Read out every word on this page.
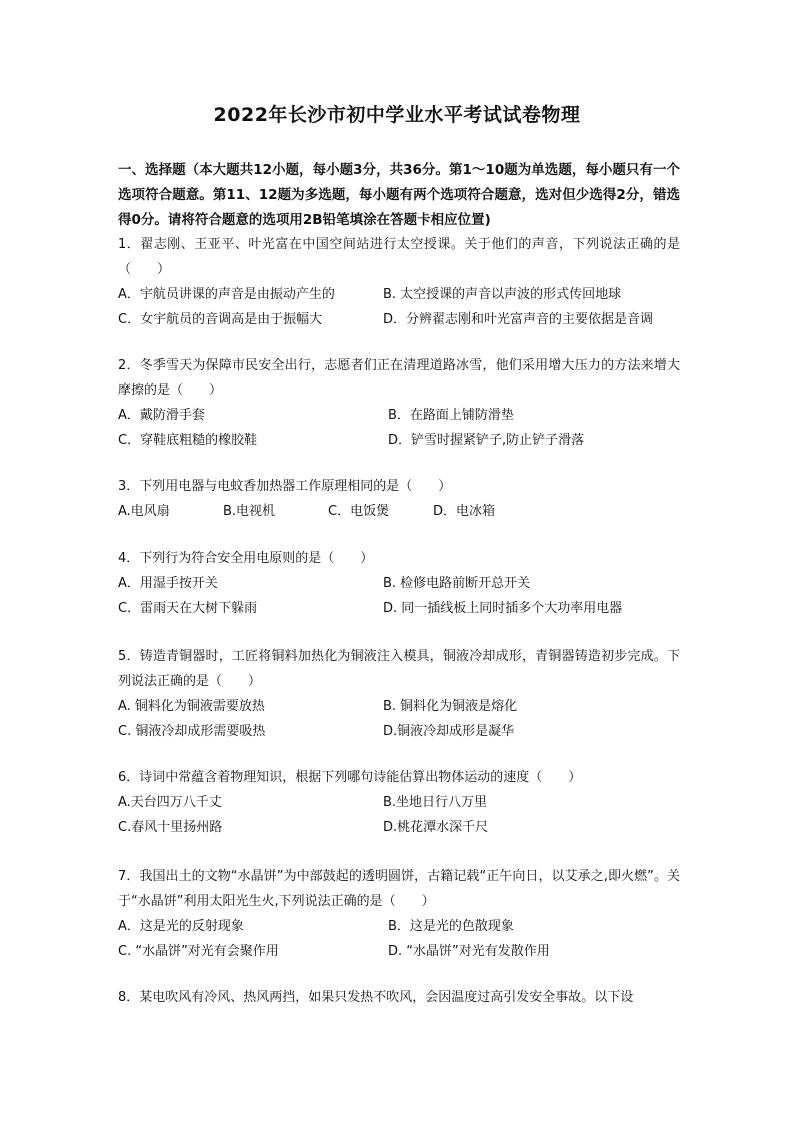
2022年长沙市初中学业水平考试试卷物理
一、选择题（本大题共12小题，每小题3分，共36分。第1～10题为单选题，每小题只有一个选项符合题意。第11、12题为多选题，每小题有两个选项符合题意，选对但少选得2分，错选得0分。请将符合题意的选项用2B铅笔填涂在答题卡相应位置)
1．翟志刚、王亚平、叶光富在中国空间站进行太空授课。关于他们的声音，下列说法正确的是（　　）
A．宇航员讲课的声音是由振动产生的	B. 太空授课的声音以声波的形式传回地球
C．女宇航员的音调高是由于振幅大	D．分辨翟志刚和叶光富声音的主要依据是音调
2．冬季雪天为保障市民安全出行，志愿者们正在清理道路冰雪，他们采用增大压力的方法来增大摩擦的是（　　）
A．戴防滑手套	B．在路面上铺防滑垫
C．穿鞋底粗糙的橡胶鞋	D．铲雪时握紧铲子,防止铲子滑落
3．下列用电器与电蚊香加热器工作原理相同的是（　　）
A.电风扇	B.电视机	C．电饭煲	D．电冰箱
4．下列行为符合安全用电原则的是（　　）
A．用湿手按开关	B. 检修电路前断开总开关
C．雷雨天在大树下躲雨	D. 同一插线板上同时插多个大功率用电器
5．铸造青铜器时，工匠将铜料加热化为铜液注入模具，铜液冷却成形，青铜器铸造初步完成。下列说法正确的是（　　）
A. 铜料化为铜液需要放热	B. 铜料化为铜液是熔化
C. 铜液冷却成形需要吸热	D.铜液冷却成形是凝华
6．诗词中常蕴含着物理知识，根据下列哪句诗能估算出物体运动的速度（　　）
A.天台四万八千丈	B.坐地日行八万里
C.春风十里扬州路	D.桃花潭水深千尺
7．我国出土的文物“水晶饼”为中部鼓起的透明圆饼，古籍记载“正午向日，以艾承之,即火燃”。关于“水晶饼”利用太阳光生火,下列说法正确的是（　　）
A．这是光的反射现象	B．这是光的色散现象
C. “水晶饼”对光有会聚作用	D. “水晶饼”对光有发散作用
8．某电吹风有冷风、热风两挡，如果只发热不吹风，会因温度过高引发安全事故。以下设
